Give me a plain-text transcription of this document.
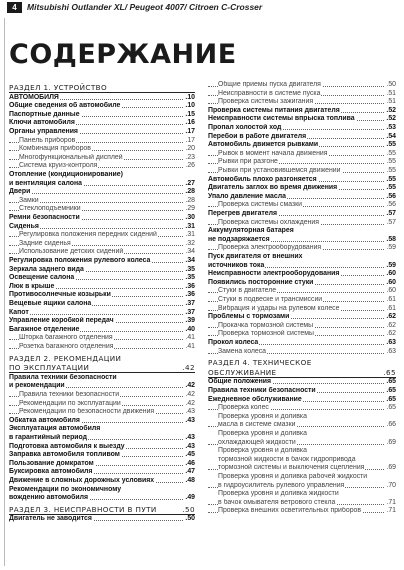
4	Mitsubishi Outlander XL/ Peugeot 4007/ Citroen C-Crosser
СОДЕРЖАНИЕ
РАЗДЕЛ 1. УСТРОЙСТВО
АВТОМОБИЛЯ	.10
Общие сведения об автомобиле	.10
Паспортные данные	.15
Ключи автомобиля	.16
Органы управления	.17
Панель приборов	.17
Комбинация приборов	.20
Многофункциональный дисплей	.23
Система круиз-контроля	.26
Отопление (кондиционирование)
и вентиляция салона	.27
Двери	.28
Замки	.28
Стеклоподъемники	.29
Ремни безопасности	.30
Сиденья	.31
Регулировка положения передних сидений	.31
Задние сиденья	.32
Использование детских сидений	.34
Регулировка положения рулевого колеса	.34
Зеркала заднего вида	.35
Освещение салона	.35
Люк в крыше	.36
Противосолнечные козырьки	.36
Вещевые ящики салона	.37
Капот	.37
Управление коробкой передач	.39
Багажное отделение	.40
Шторка багажного отделения	.41
Розетка багажного отделения	.41
РАЗДЕЛ 2. РЕКОМЕНДАЦИИ
ПО ЭКСПЛУАТАЦИИ	.42
Правила техники безопасности
и рекомендации	.42
Правила техники безопасности	.42
Рекомендации по эксплуатации	.42
Рекомендации по безопасности движения	.43
Обкатка автомобиля	.43
Эксплуатация автомобиля
в гарантийный период	.43
Подготовка автомобиля к выезду	.43
Заправка автомобиля топливом	.45
Пользование домкратом	.46
Буксировка автомобиля	.47
Движение в сложных дорожных условиях	.48
Рекомендации по экономичному
вождению автомобиля	.49
РАЗДЕЛ 3. НЕИСПРАВНОСТИ В ПУТИ	.50
Двигатель не заводится	.50
Общие приемы пуска двигателя	.50
Неисправности в системе пуска	.51
Проверка системы зажигания	.51
Проверка системы питания двигателя	.52
Неисправности системы впрыска топлива	.52
Пропал холостой ход	.53
Перебои в работе двигателя	.54
Автомобиль движется рывками	.55
Рывок в момент начала движения	.55
Рывки при разгоне	.55
Рывки при установившемся движении	.55
Автомобиль плохо разгоняется	.55
Двигатель заглох во время движения	.55
Упало давление масла	.56
Проверка системы смазки	.56
Перегрев двигателя	.57
Проверка системы охлаждения	.57
Аккумуляторная батарея
не подзаряжается	.58
Проверка электрооборудования	.59
Пуск двигателя от внешних
источников тока	.59
Неисправности электрооборудования	.60
Появились посторонние стуки	.60
Стуки в двигателе	.60
Стуки в подвеске и трансмиссии	.61
Вибрация и удары на рулевом колесе	.61
Проблемы с тормозами	.62
Прокачка тормозной системы	.62
Проверка тормозной системы	.62
Прокол колеса	.63
Замена колеса	.63
РАЗДЕЛ 4. ТЕХНИЧЕСКОЕ
ОБСЛУЖИВАНИЕ	.65
Общие положения	.65
Правила техники безопасности	.65
Ежедневное обслуживание	.65
Проверка колес	.65
Проверка уровня и доливка
масла в системе смазки	.66
Проверка уровня и доливка
охлаждающей жидкости	.69
Проверка уровня и доливка
тормозной жидкости в бачок гидропривода
тормозной системы и выключения сцепления	.69
Проверка уровня и доливка рабочей жидкости
в гидроусилитель рулевого управления	.70
Проверка уровня и доливка жидкости
в бачок омывателя ветрового стекла	.71
Проверка внешних осветительных приборов	.71
